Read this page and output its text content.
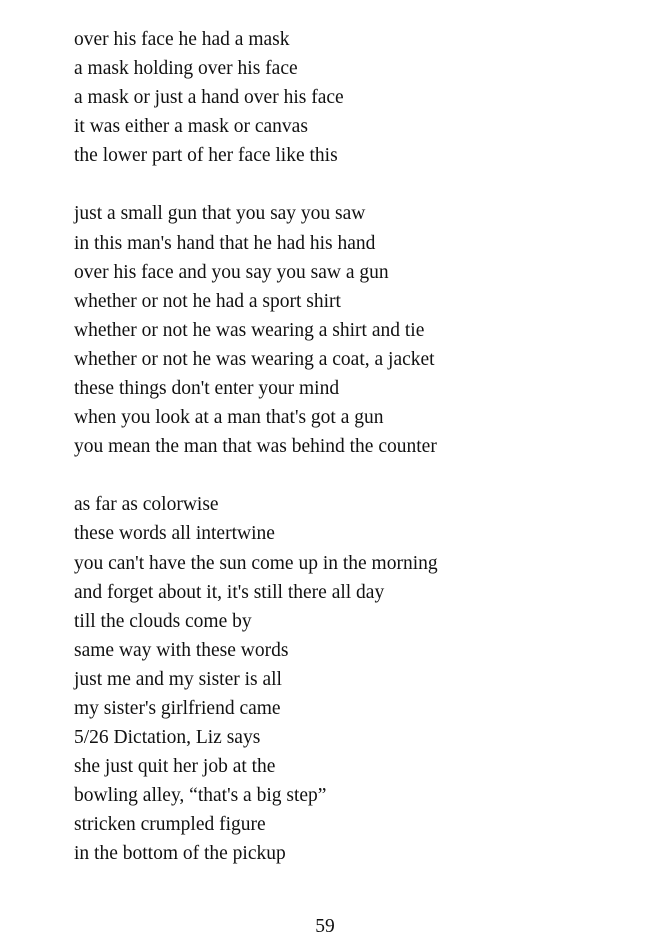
over his face he had a mask
a mask holding over his face
a mask or just a hand over his face
it was either a mask or canvas
the lower part of her face like this
just a small gun that you say you saw
in this man's hand that he had his hand
over his face and you say you saw a gun
whether or not he had a sport shirt
whether or not he was wearing a shirt and tie
whether or not he was wearing a coat, a jacket
these things don't enter your mind
when you look at a man that's got a gun
you mean the man that was behind the counter
as far as colorwise
these words all intertwine
you can't have the sun come up in the morning
and forget about it, it's still there all day
till the clouds come by
same way with these words
just me and my sister is all
my sister's girlfriend came
5/26 Dictation, Liz says
she just quit her job at the
bowling alley, “that's a big step”
stricken crumpled figure
in the bottom of the pickup
59
